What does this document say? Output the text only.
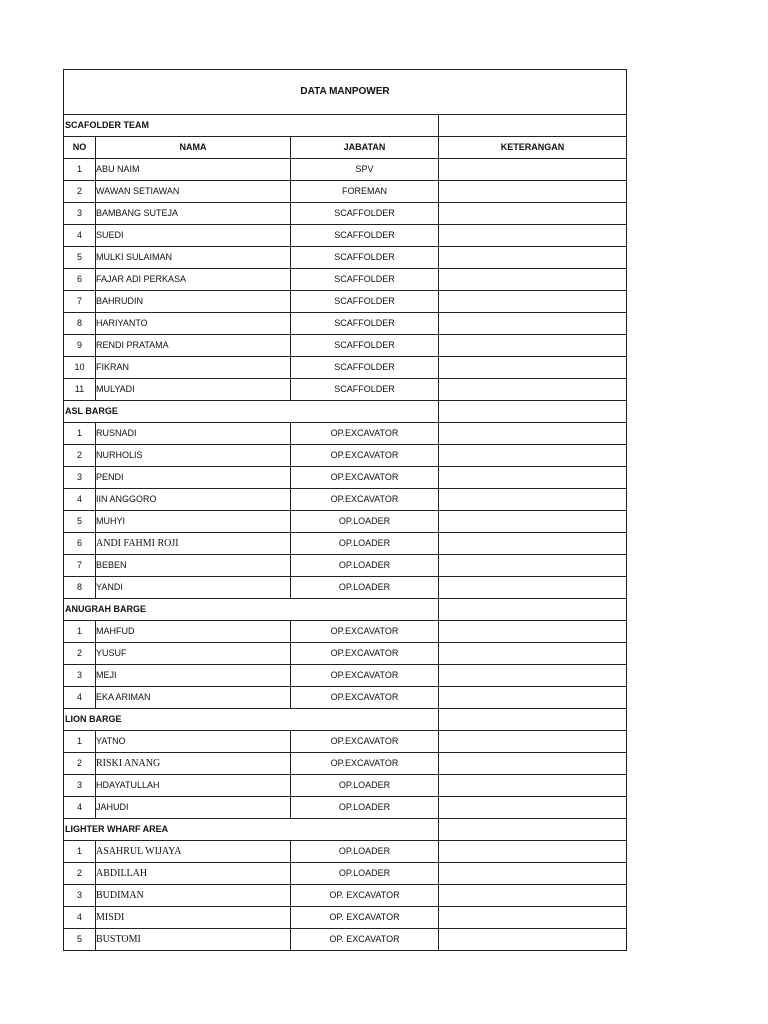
DATA MANPOWER			
SCAFOLDER TEAM			
NO	NAMA	JABATAN	KETERANGAN
1	ABU NAIM	SPV	
2	WAWAN SETIAWAN	FOREMAN	
3	BAMBANG SUTEJA	SCAFFOLDER	
4	SUEDI	SCAFFOLDER	
5	MULKI SULAIMAN	SCAFFOLDER	
6	FAJAR ADI PERKASA	SCAFFOLDER	
7	BAHRUDIN	SCAFFOLDER	
8	HARIYANTO	SCAFFOLDER	
9	RENDI PRATAMA	SCAFFOLDER	
10	FIKRAN	SCAFFOLDER	
11	MULYADI	SCAFFOLDER	
ASL BARGE			
1	RUSNADI	OP.EXCAVATOR	
2	NURHOLIS	OP.EXCAVATOR	
3	PENDI	OP.EXCAVATOR	
4	IIN ANGGORO	OP.EXCAVATOR	
5	MUHYI	OP.LOADER	
6	ANDI FAHMI ROJI	OP.LOADER	
7	BEBEN	OP.LOADER	
8	YANDI	OP.LOADER	
ANUGRAH BARGE			
1	MAHFUD	OP.EXCAVATOR	
2	YUSUF	OP.EXCAVATOR	
3	MEJI	OP.EXCAVATOR	
4	EKA ARIMAN	OP.EXCAVATOR	
LION BARGE			
1	YATNO	OP.EXCAVATOR	
2	RISKI ANANG	OP.EXCAVATOR	
3	HDAYATULLAH	OP.LOADER	
4	JAHUDI	OP.LOADER	
LIGHTER WHARF AREA			
1	ASAHRUL WIJAYA	OP.LOADER	
2	ABDILLAH	OP.LOADER	
3	BUDIMAN	OP. EXCAVATOR	
4	MISDI	OP. EXCAVATOR	
5	BUSTOMI	OP. EXCAVATOR	
